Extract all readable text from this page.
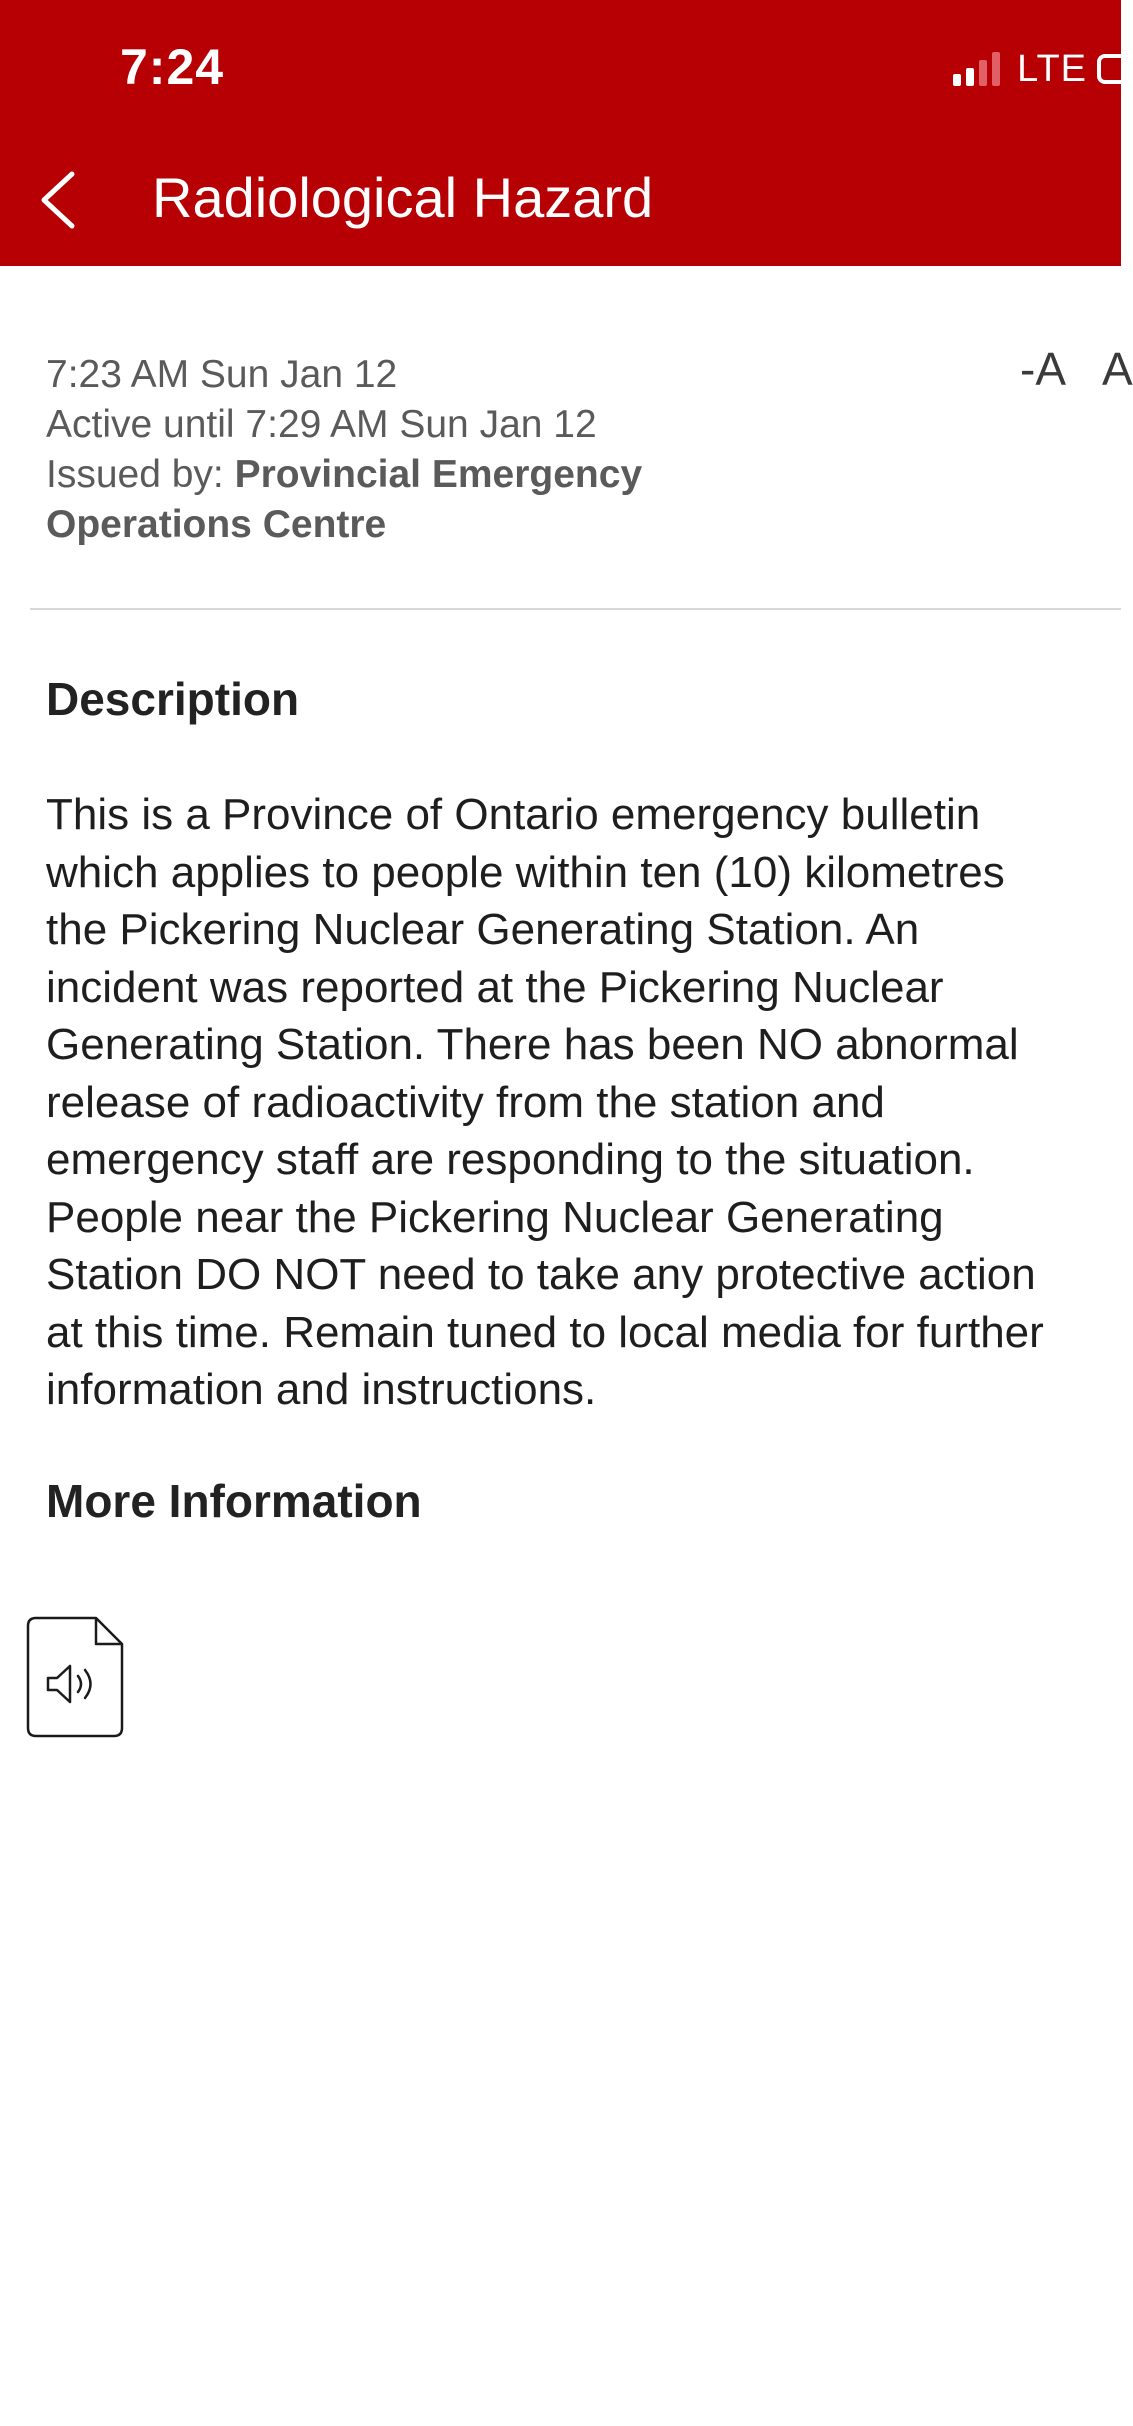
7:24	LTE
Radiological Hazard
7:23 AM Sun Jan 12
Active until 7:29 AM Sun Jan 12
Issued by: Provincial Emergency
Operations Centre
-A A
Description
This is a Province of Ontario emergency bulletin
which applies to people within ten (10) kilometres
the Pickering Nuclear Generating Station. An
incident was reported at the Pickering Nuclear
Generating Station. There has been NO abnormal
release of radioactivity from the station and
emergency staff are responding to the situation.
People near the Pickering Nuclear Generating
Station DO NOT need to take any protective action
at this time. Remain tuned to local media for further
information and instructions.
More Information
